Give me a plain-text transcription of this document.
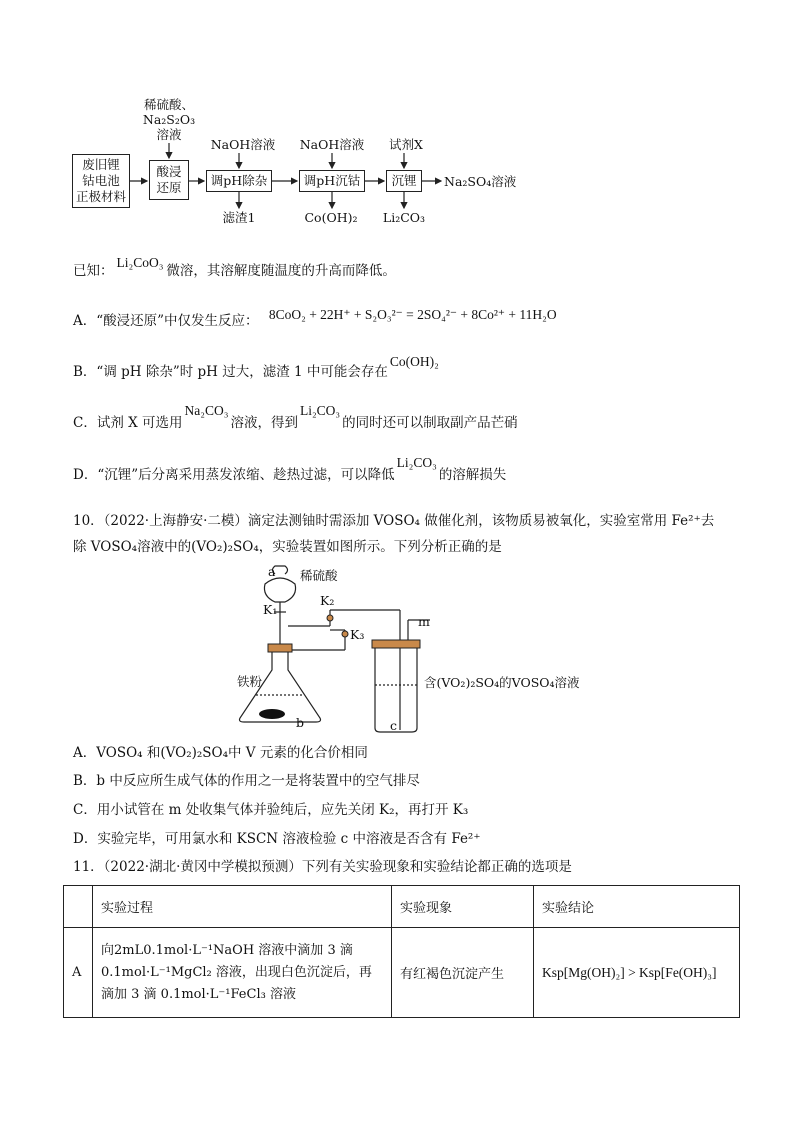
稀硫酸、
Na₂S₂O₃
溶液
NaOH溶液	NaOH溶液	试剂X
废旧锂
钴电池
正极材料
酸浸
还原	调pH除杂	调pH沉钴	沉锂
滤渣1	Co(OH)₂	Li₂CO₃
Na₂SO₄溶液
已知：Li₂CoO₃微溶，其溶解度随温度的升高而降低。
A．“酸浸还原”中仅发生反应： 8CoO₂ + 22H⁺ + S₂O₃²⁻ = 2SO₄²⁻ + 8Co²⁺ + 11H₂O
B．“调 pH 除杂”时 pH 过大，滤渣 1 中可能会存在Co(OH)₂
C．试剂 X 可选用Na₂CO₃溶液，得到Li₂CO₃的同时还可以制取副产品芒硝
D．“沉锂”后分离采用蒸发浓缩、趁热过滤，可以降低Li₂CO₃的溶解损失
10．（2022·上海静安·二模）滴定法测铀时需添加 VOSO₄ 做催化剂，该物质易被氧化，实验室常用 Fe²⁺去
除 VOSO₄溶液中的(VO₂)₂SO₄，实验装置如图所示。下列分析正确的是
a 稀硫酸
K₁
K₂
K₃
m
铁粉
b	c
含(VO₂)₂SO₄的VOSO₄溶液
A．VOSO₄ 和(VO₂)₂SO₄中 V 元素的化合价相同
B．b 中反应所生成气体的作用之一是将装置中的空气排尽
C．用小试管在 m 处收集气体并验纯后，应先关闭 K₂，再打开 K₃
D．实验完毕，可用氯水和 KSCN 溶液检验 c 中溶液是否含有 Fe²⁺
11．（2022·湖北·黄冈中学模拟预测）下列有关实验现象和实验结论都正确的选项是
	实验过程	实验现象	实验结论
A	向2mL0.1mol·L⁻¹NaOH 溶液中滴加 3 滴
0.1mol·L⁻¹MgCl₂ 溶液，出现白色沉淀后，再
滴加 3 滴 0.1mol·L⁻¹FeCl₃ 溶液	有红褐色沉淀产生	Ksp[Mg(OH)₂] > Ksp[Fe(OH)₃]
